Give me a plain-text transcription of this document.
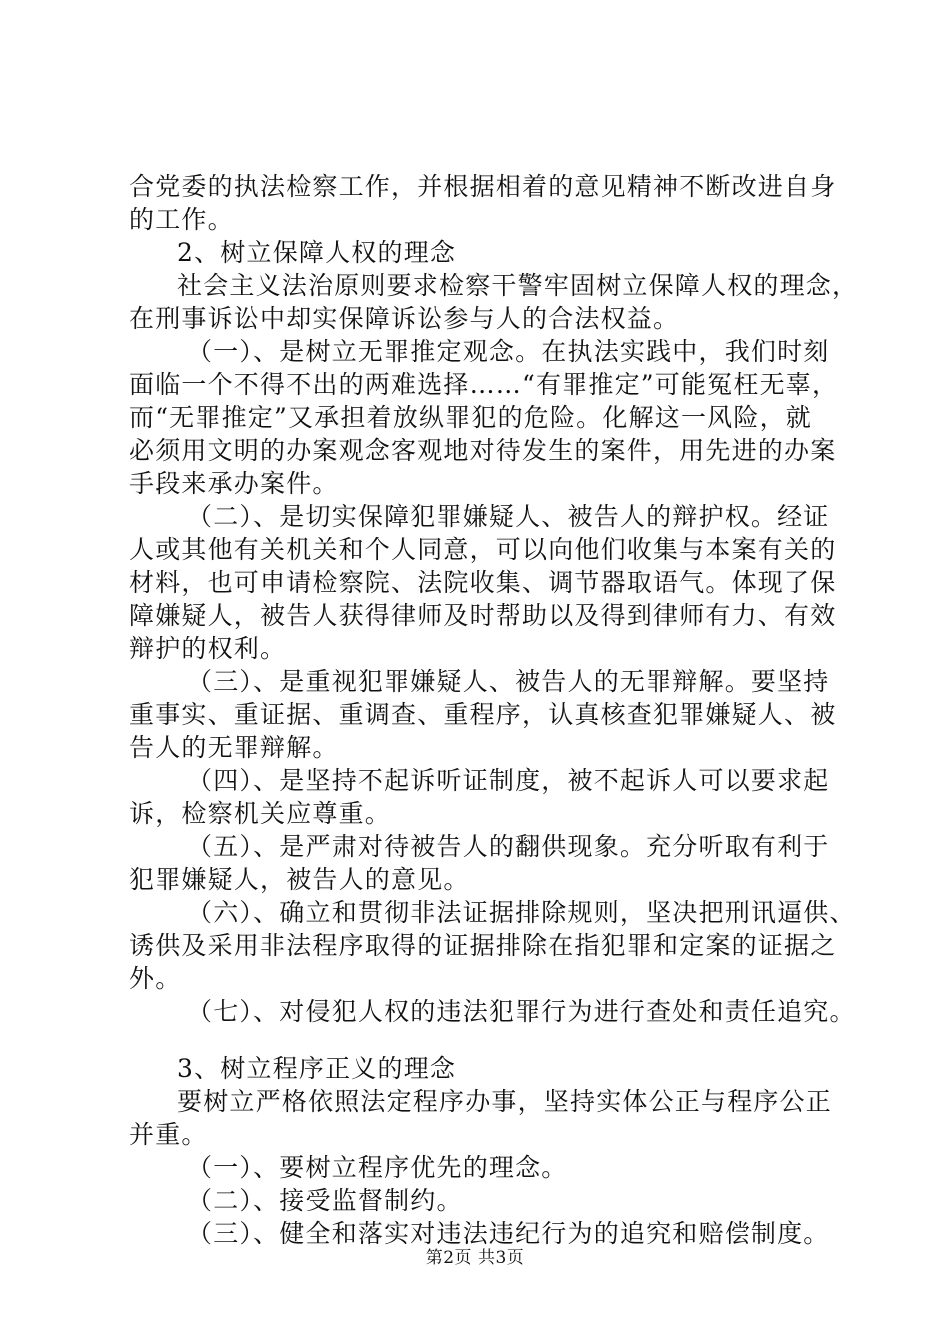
合党委的执法检察工作，并根据相着的意见精神不断改进自身
的工作。
2、树立保障人权的理念
社会主义法治原则要求检察干警牢固树立保障人权的理念，
在刑事诉讼中却实保障诉讼参与人的合法权益。
（一）、是树立无罪推定观念。在执法实践中，我们时刻
面临一个不得不出的两难选择……“有罪推定”可能冤枉无辜，
而“无罪推定”又承担着放纵罪犯的危险。化解这一风险，就
必须用文明的办案观念客观地对待发生的案件，用先进的办案
手段来承办案件。
（二）、是切实保障犯罪嫌疑人、被告人的辩护权。经证
人或其他有关机关和个人同意，可以向他们收集与本案有关的
材料，也可申请检察院、法院收集、调节器取语气。体现了保
障嫌疑人，被告人获得律师及时帮助以及得到律师有力、有效
辩护的权利。
（三）、是重视犯罪嫌疑人、被告人的无罪辩解。要坚持
重事实、重证据、重调查、重程序，认真核查犯罪嫌疑人、被
告人的无罪辩解。
（四）、是坚持不起诉听证制度，被不起诉人可以要求起
诉，检察机关应尊重。
（五）、是严肃对待被告人的翻供现象。充分听取有利于
犯罪嫌疑人，被告人的意见。
（六）、确立和贯彻非法证据排除规则，坚决把刑讯逼供、
诱供及采用非法程序取得的证据排除在指犯罪和定案的证据之
外。
（七）、对侵犯人权的违法犯罪行为进行查处和责任追究。
3、树立程序正义的理念
要树立严格依照法定程序办事，坚持实体公正与程序公正
并重。
（一）、要树立程序优先的理念。
（二）、接受监督制约。
（三）、健全和落实对违法违纪行为的追究和赔偿制度。
第2页 共3页
